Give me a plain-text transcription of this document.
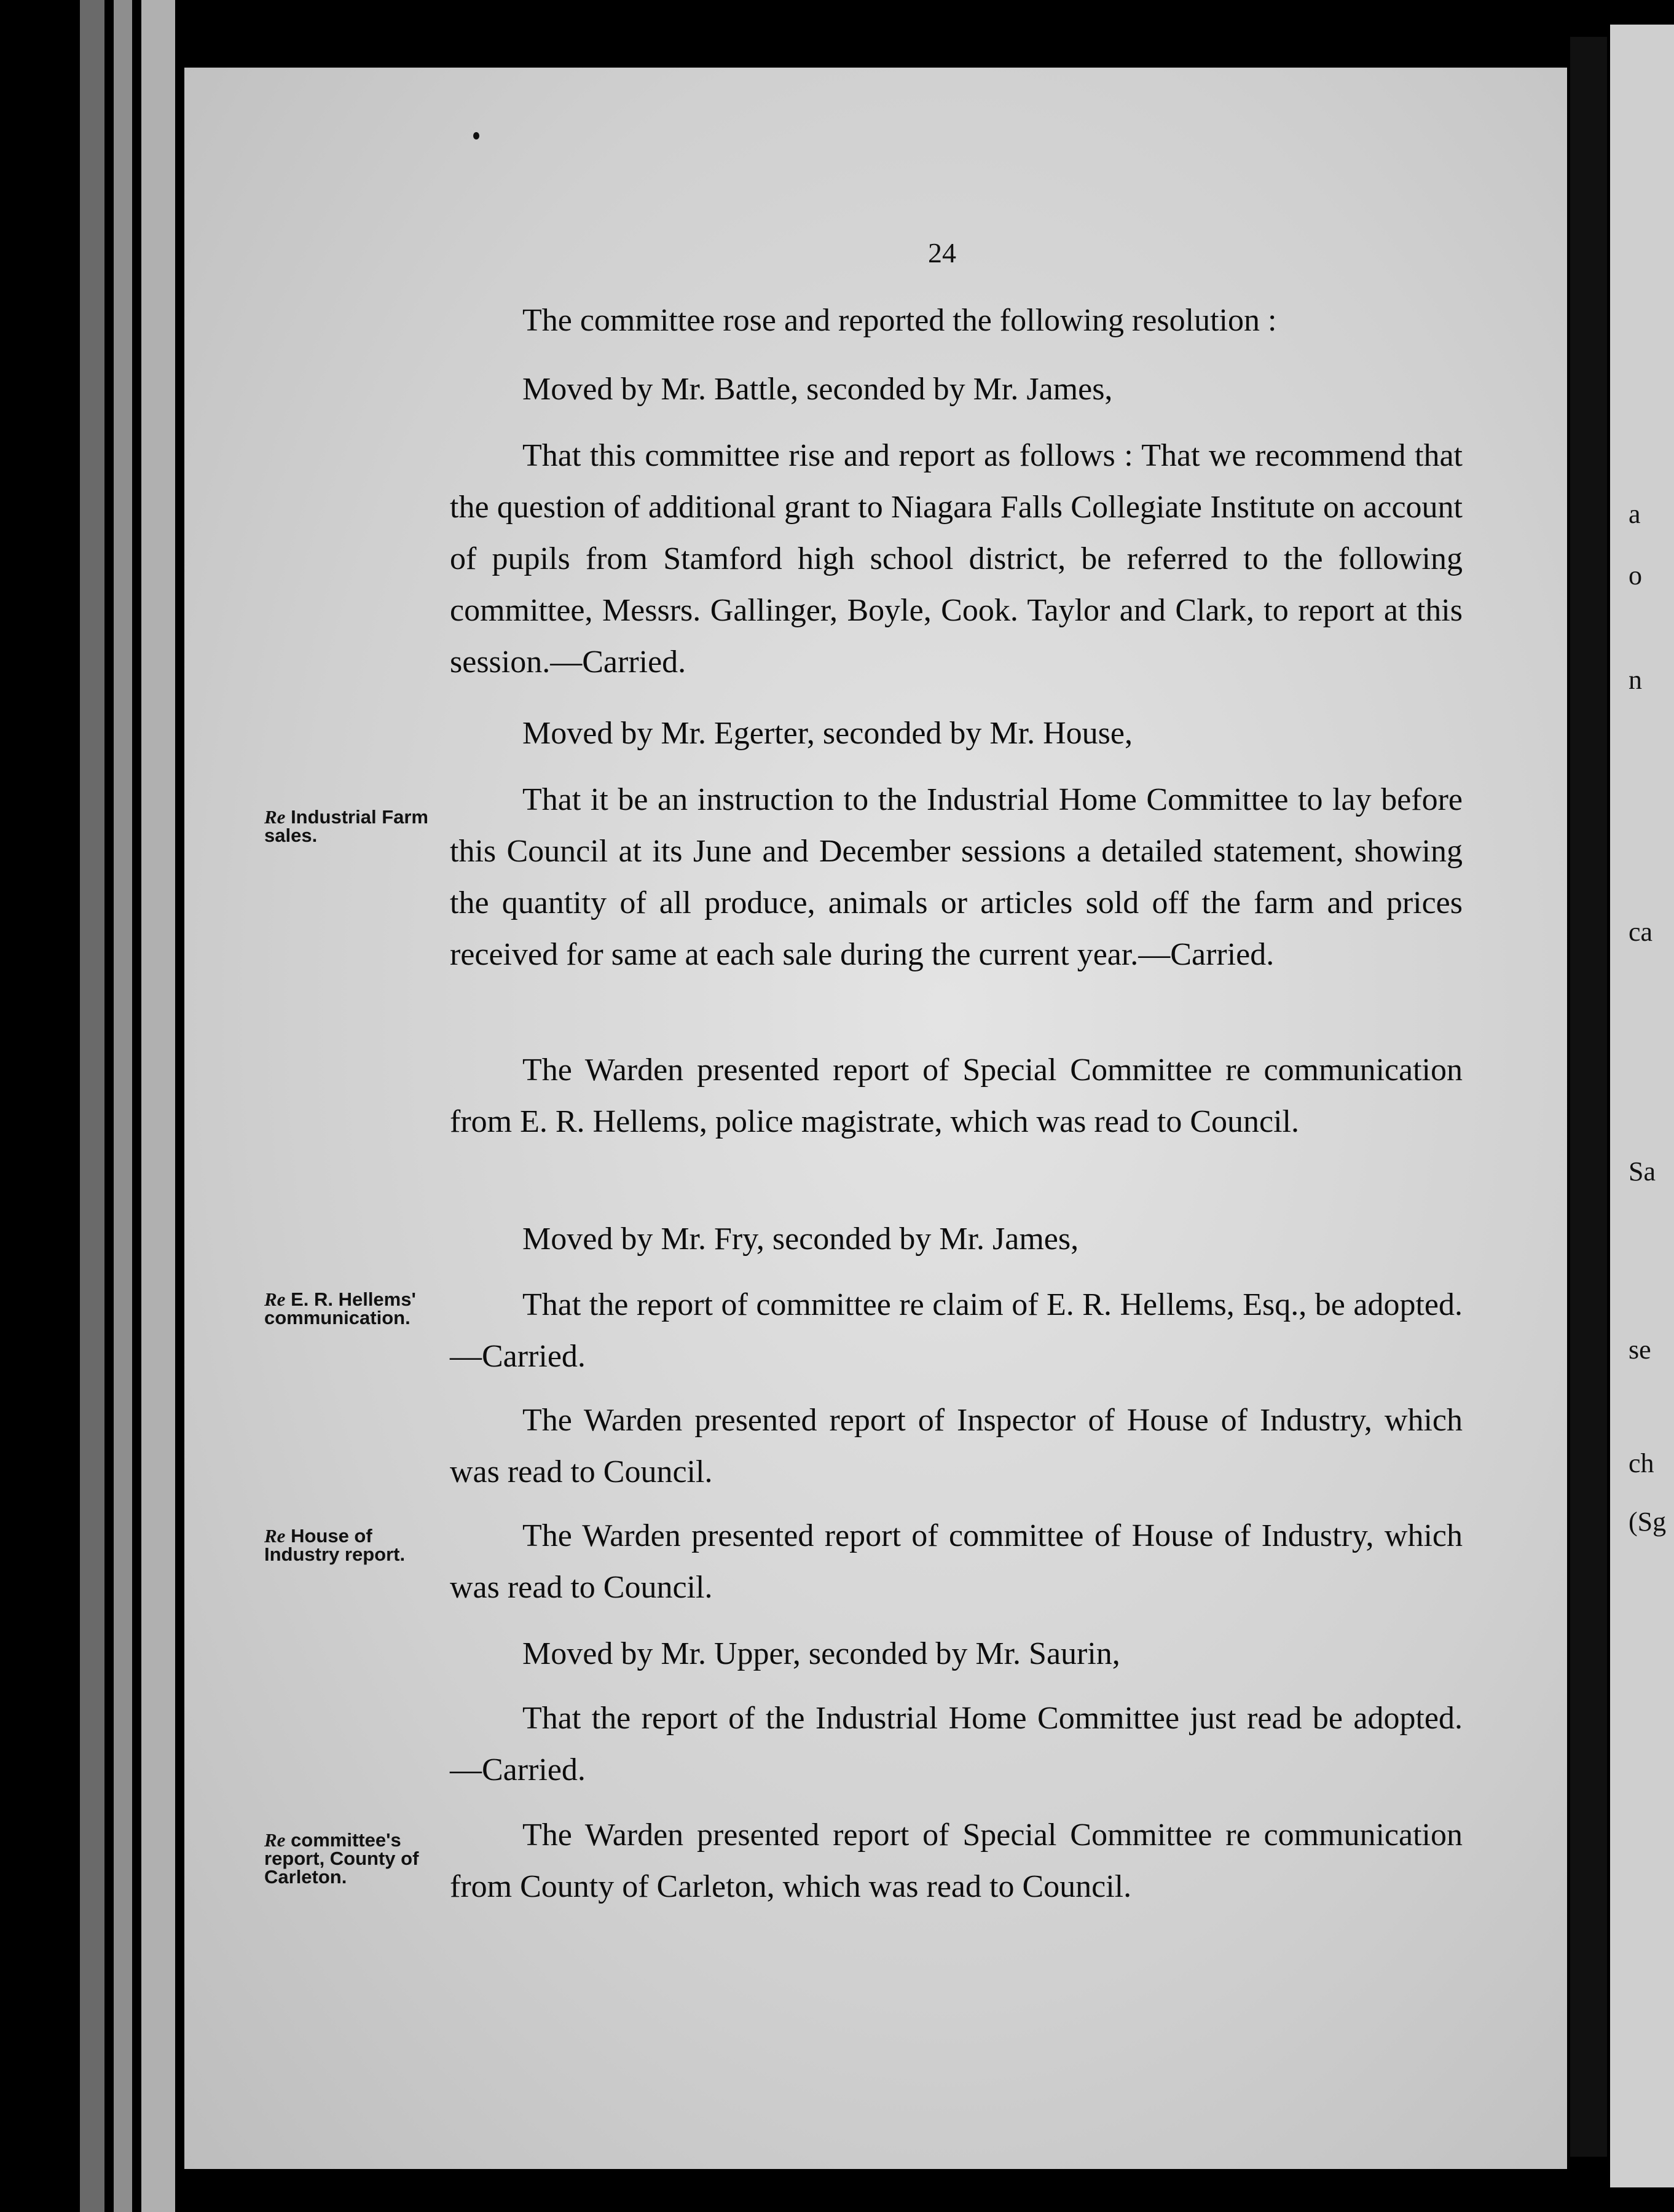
a
o
n
ca
Sa
se
ch
(Sg
24

The committee rose and reported the following resolution :

Moved by Mr. Battle, seconded by Mr. James,

That this committee rise and report as follows : That we recommend that the question of additional grant to Niagara Falls Collegiate Institute on account of pupils from Stamford high school district, be referred to the following committee, Messrs. Gallinger, Boyle, Cook. Taylor and Clark, to report at this session.—Carried.

Moved by Mr. Egerter, seconded by Mr. House,

That it be an instruction to the Industrial Home Committee to lay before this Council at its June and December sessions a detailed statement, showing the quantity of all produce, animals or articles sold off the farm and prices received for same at each sale during the current year.—Carried.

The Warden presented report of Special Committee re communication from E. R. Hellems, police magistrate, which was read to Council.

Moved by Mr. Fry, seconded by Mr. James,

That the report of committee re claim of E. R. Hellems, Esq., be adopted.—Carried.

The Warden presented report of Inspector of House of Industry, which was read to Council.

The Warden presented report of committee of House of Industry, which was read to Council.

Moved by Mr. Upper, seconded by Mr. Saurin,

That the report of the Industrial Home Committee just read be adopted.—Carried.

The Warden presented report of Special Committee re communication from County of Carleton, which was read to Council.

Re Industrial Farm sales.

Re E. R. Hellems' communication.

Re House of Industry report.

Re committee's report, County of Carleton.
